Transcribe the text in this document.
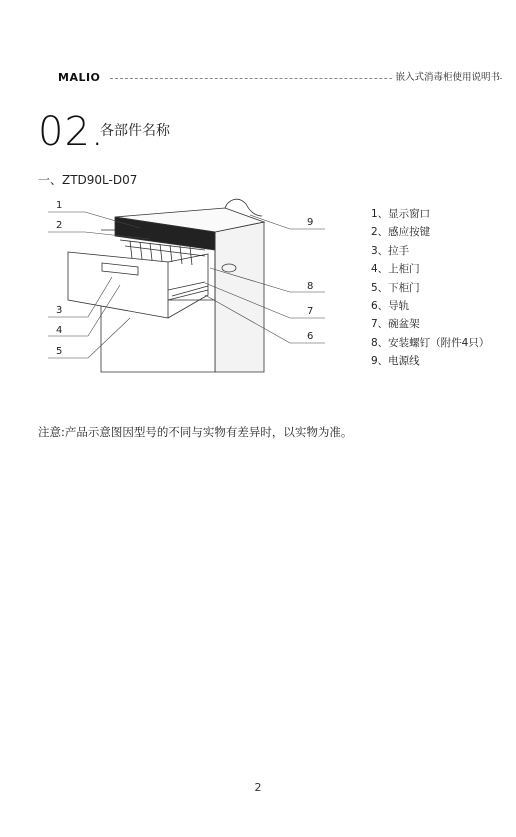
MALIO	嵌入式消毒柜使用说明书
02.
各部件名称
一、ZTD90L-D07
1
2
3
4
5
6
7
8
9
1、显示窗口
2、感应按键
3、拉手
4、上柜门
5、下柜门
6、导轨
7、碗盆架
8、安装螺钉（附件4只）
9、电源线
注意:产品示意图因型号的不同与实物有差异时，以实物为准。
2
